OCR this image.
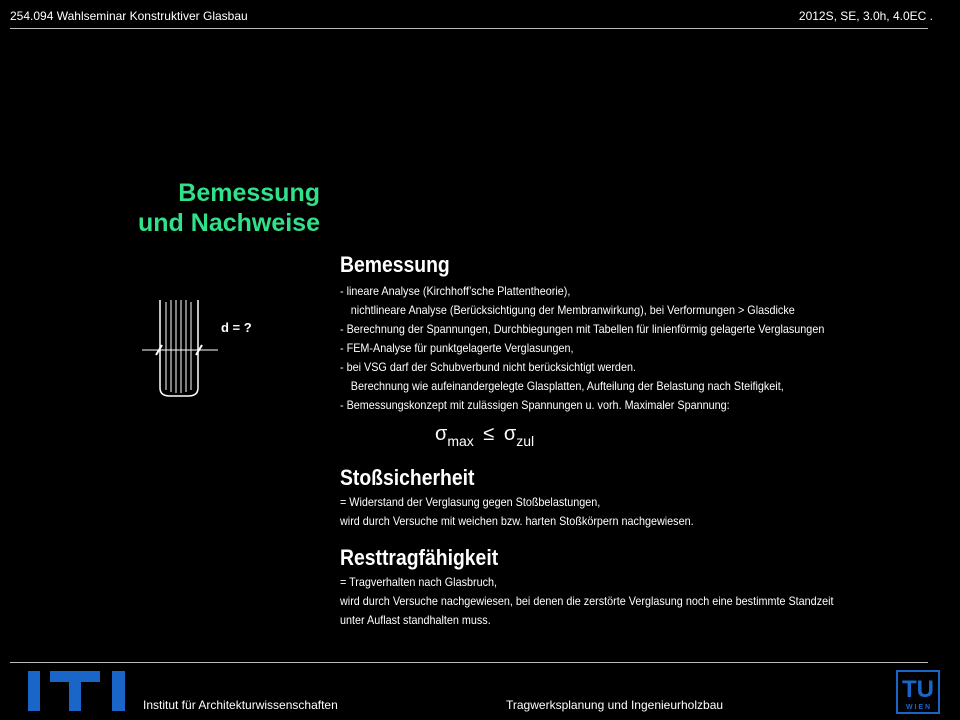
254.094 Wahlseminar Konstruktiver Glasbau	2012S, SE, 3.0h, 4.0EC .
Bemessung
und Nachweise
d = ?
Bemessung
- lineare Analyse (Kirchhoff’sche Plattentheorie),
nichtlineare Analyse (Berücksichtigung der Membranwirkung), bei Verformungen > Glasdicke
- Berechnung der Spannungen, Durchbiegungen mit Tabellen für linienförmig gelagerte Verglasungen
- FEM-Analyse für punktgelagerte Verglasungen,
- bei VSG darf der Schubverbund nicht berücksichtigt werden.
Berechnung wie aufeinandergelegte Glasplatten, Aufteilung der Belastung nach Steifigkeit,
- Bemessungskonzept mit zulässigen Spannungen u. vorh. Maximaler Spannung:
$\sigma_{max} \le \sigma_{zul}$
Stoßsicherheit
= Widerstand der Verglasung gegen Stoßbelastungen,
wird durch Versuche mit weichen bzw. harten Stoßkörpern nachgewiesen.
Resttragfähigkeit
= Tragverhalten nach Glasbruch,
wird durch Versuche nachgewiesen, bei denen die zerstörte Verglasung noch eine bestimmte Standzeit
unter Auflast standhalten muss.
TU
W I E N
Institut für Architekturwissenschaften	Tragwerksplanung und Ingenieurholzbau
